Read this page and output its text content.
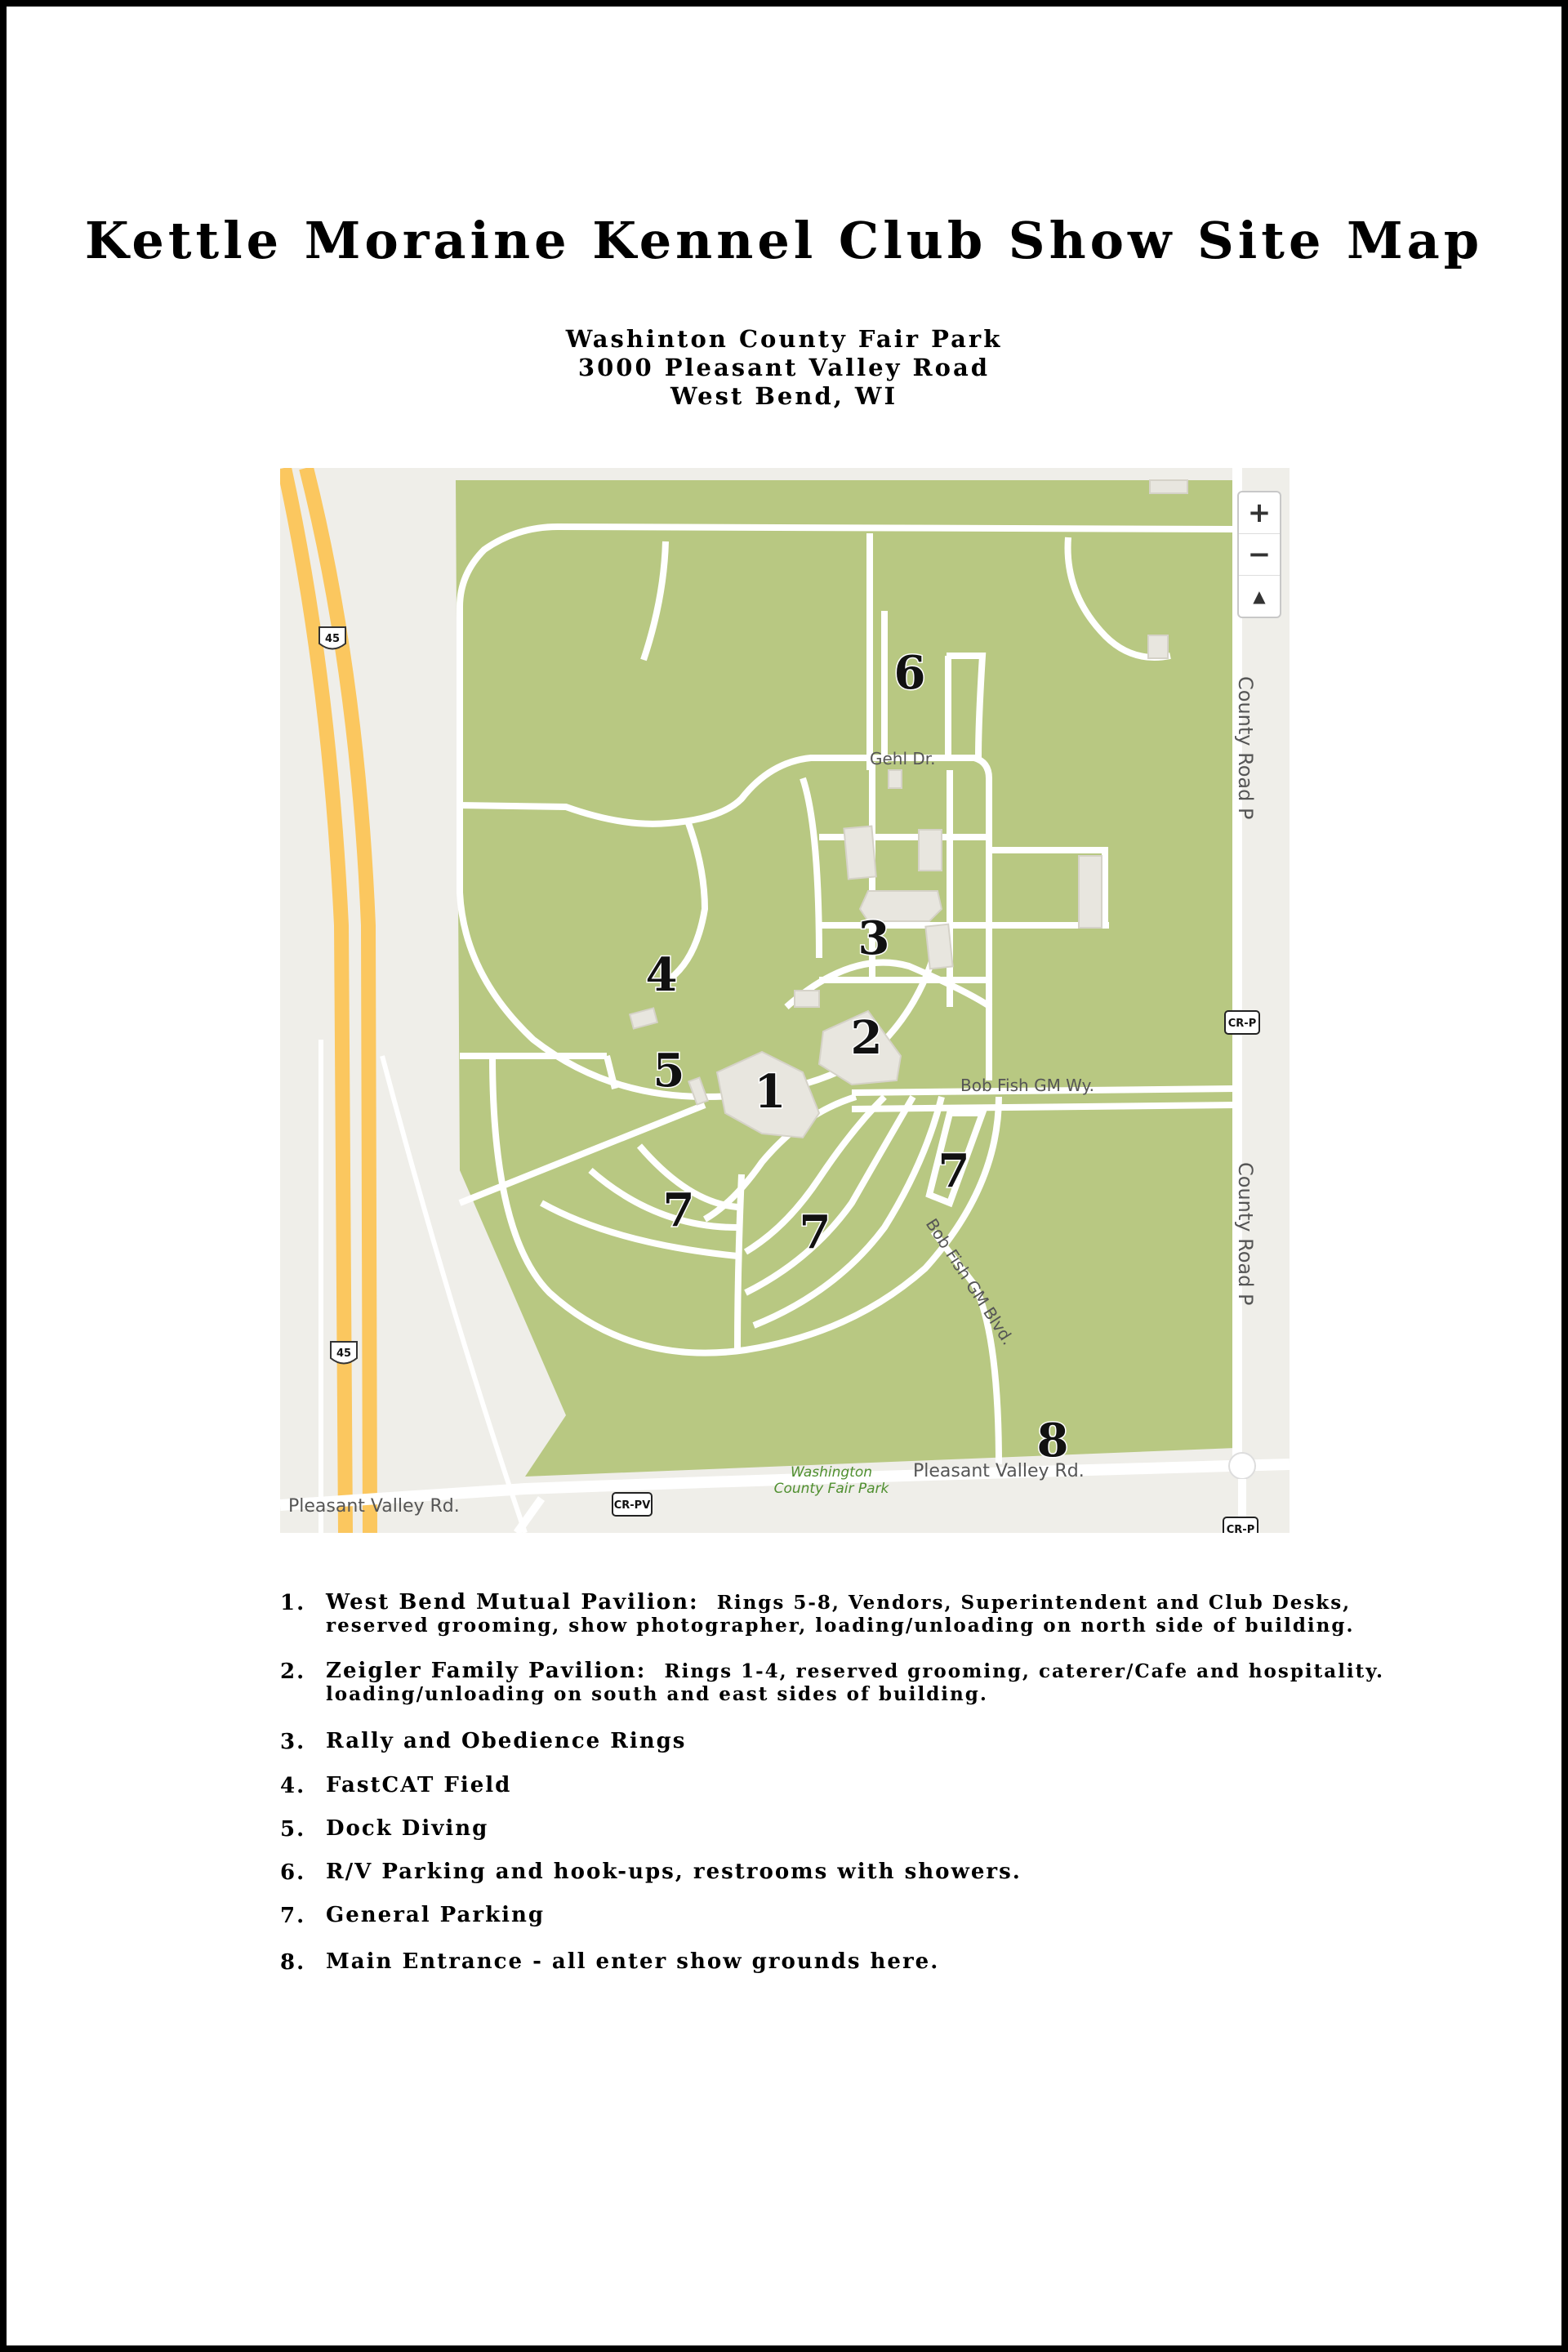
Kettle Moraine Kennel Club Show Site Map
Washinton County Fair Park
3000 Pleasant Valley Road
West Bend, WI
Gehl Dr.
Bob Fish GM Wy.
Bob Fish GM Blvd.
County Road P
County Road P
Pleasant Valley Rd.
Pleasant Valley Rd.
Washington
County Fair Park
45
45
CR-P
CR-PV
CR-P
1
2
3
4
5
6
7 7
7
8
+
−
▲
1. West Bend Mutual Pavilion: Rings 5-8, Vendors, Superintendent and Club Desks,
reserved grooming, show photographer, loading/unloading on north side of building.
2. Zeigler Family Pavilion: Rings 1-4, reserved grooming, caterer/Cafe and hospitality.
loading/unloading on south and east sides of building.
3. Rally and Obedience Rings
4. FastCAT Field
5. Dock Diving
6. R/V Parking and hook-ups, restrooms with showers.
7. General Parking
8. Main Entrance - all enter show grounds here.
